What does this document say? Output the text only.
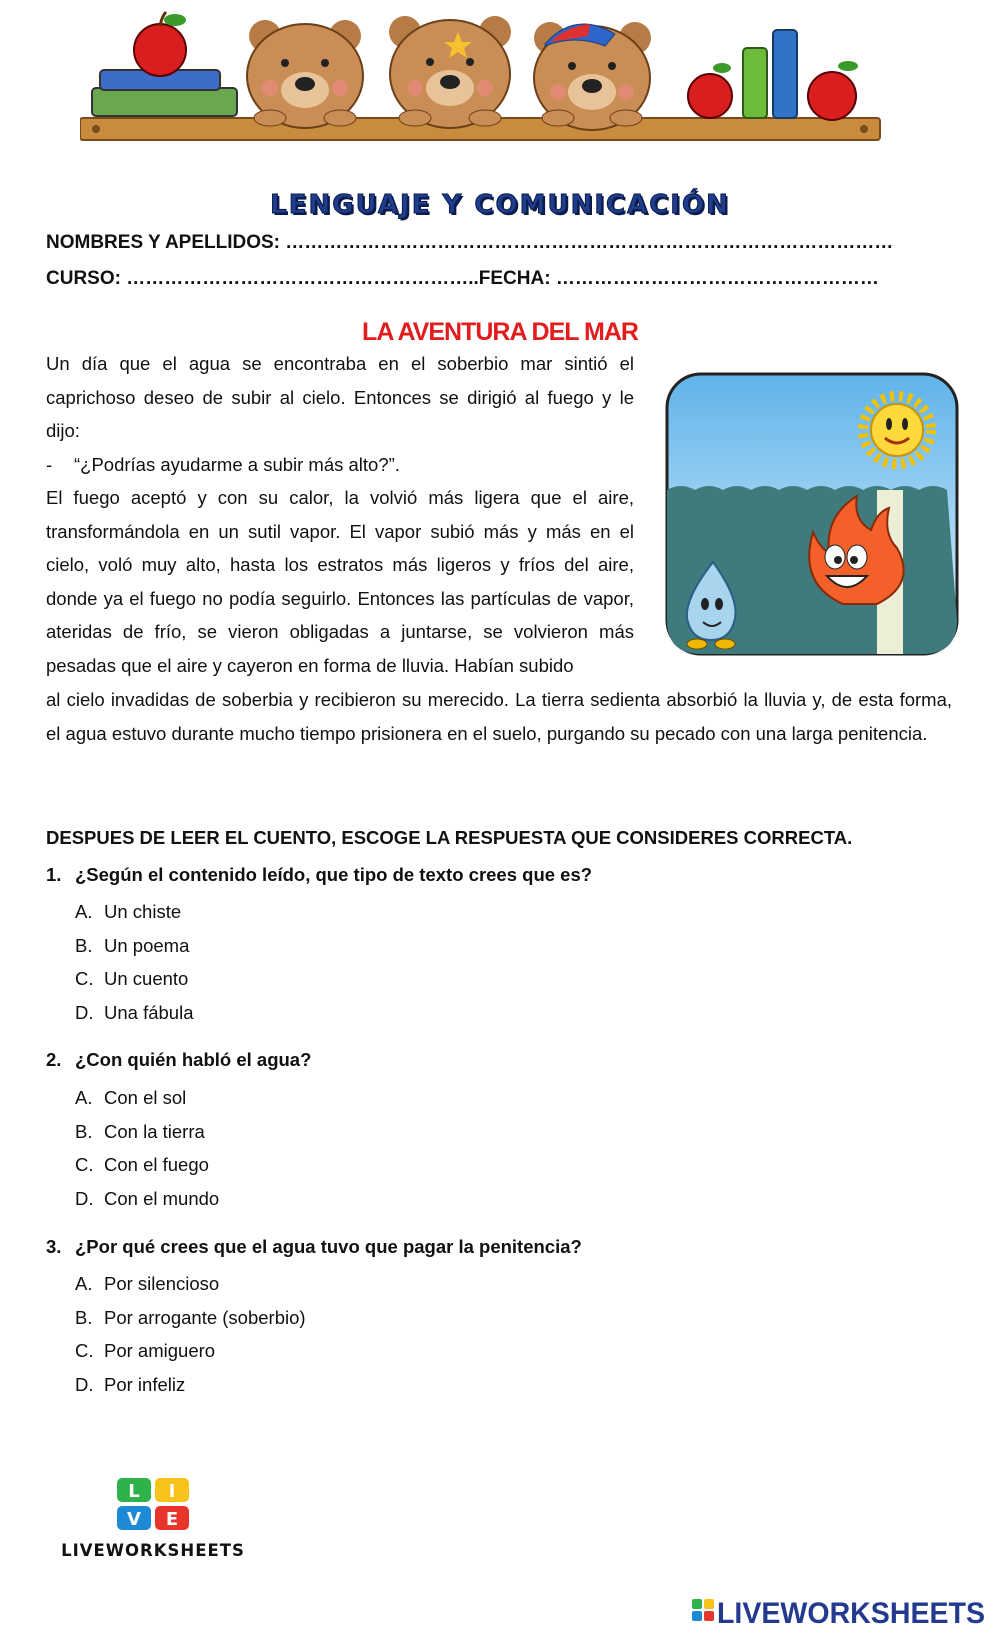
LENGUAJE Y COMUNICACIÓN
NOMBRES Y APELLIDOS: ……………………………………………………………………………………
CURSO: ………………………………………………..FECHA: ……………………………………………
LA AVENTURA DEL MAR

Un día que el agua se encontraba en el soberbio mar sintió el caprichoso deseo de subir al cielo. Entonces se dirigió al fuego y le dijo:

-	“¿Podrías ayudarme a subir más alto?”.

El fuego aceptó y con su calor, la volvió más ligera que el aire, transformándola en un sutil vapor. El vapor subió más y más en el cielo, voló muy alto, hasta los estratos más ligeros y fríos del aire, donde ya el fuego no podía seguirlo. Entonces las partículas de vapor, ateridas de frío, se vieron obligadas a juntarse, se volvieron más pesadas que el aire y cayeron en forma de lluvia. Habían subido

al cielo invadidas de soberbia y recibieron su merecido. La tierra sedienta absorbió la lluvia y, de esta forma, el agua estuvo durante mucho tiempo prisionera en el suelo, purgando su pecado con una larga penitencia.

DESPUES DE LEER EL CUENTO, ESCOGE LA RESPUESTA QUE CONSIDERES CORRECTA.
1. ¿Según el contenido leído, que tipo de texto crees que es?
A. Un chiste
B. Un poema
C. Un cuento
D. Una fábula
2. ¿Con quién habló el agua?
A. Con el sol
B. Con la tierra
C. Con el fuego
D. Con el mundo
3. ¿Por qué crees que el agua tuvo que pagar la penitencia?
A. Por silencioso
B. Por arrogante (soberbio)
C. Por amiguero
D. Por infeliz
L I
V E
LIVEWORKSHEETS
LIVEWORKSHEETS
